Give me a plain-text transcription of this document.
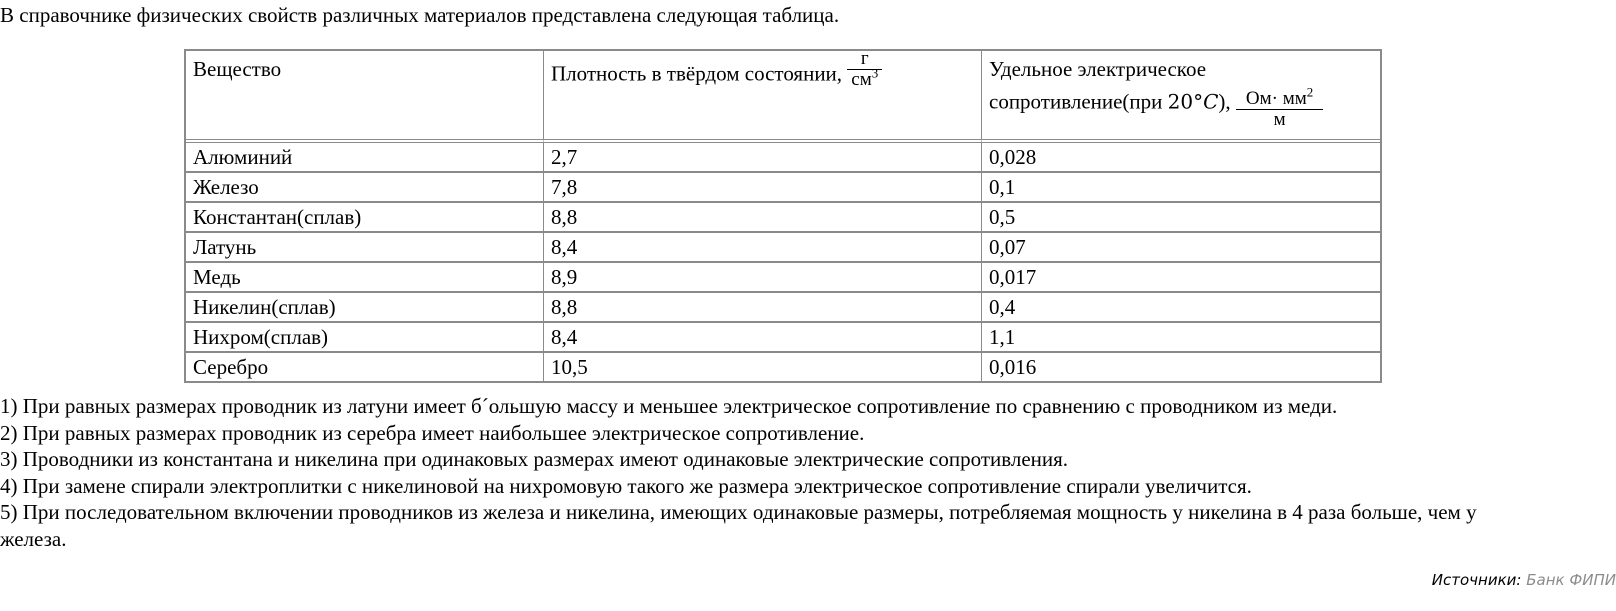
В справочнике физических свойств различных материалов представлена следующая таблица.
Вещество	Плотность в твёрдом состоянии, $\frac{г}{см^3}$	Удельное электрическое
сопротивление(при 20°C), $\frac{Ом\cdot мм^2}{м}$

Алюминий	2,7	0,028
Железо	7,8	0,1
Константан(сплав)	8,8	0,5
Латунь	8,4	0,07
Медь	8,9	0,017
Никелин(сплав)	8,8	0,4
Нихром(сплав)	8,4	1,1
Серебро	10,5	0,016

1) При равных размерах проводник из латуни имеет б´ольшую массу и меньшее электрическое сопротивление по сравнению с проводником из меди.

2) При равных размерах проводник из серебра имеет наибольшее электрическое сопротивление.

3) Проводники из константана и никелина при одинаковых размерах имеют одинаковые электрические сопротивления.

4) При замене спирали электроплитки с никелиновой на нихромовую такого же размера электрическое сопротивление спирали увеличится.

5) При последовательном включении проводников из железа и никелина, имеющих одинаковые размеры, потребляемая мощность у никелина в 4 раза больше, чем у железа.

Источники: Банк ФИПИ
